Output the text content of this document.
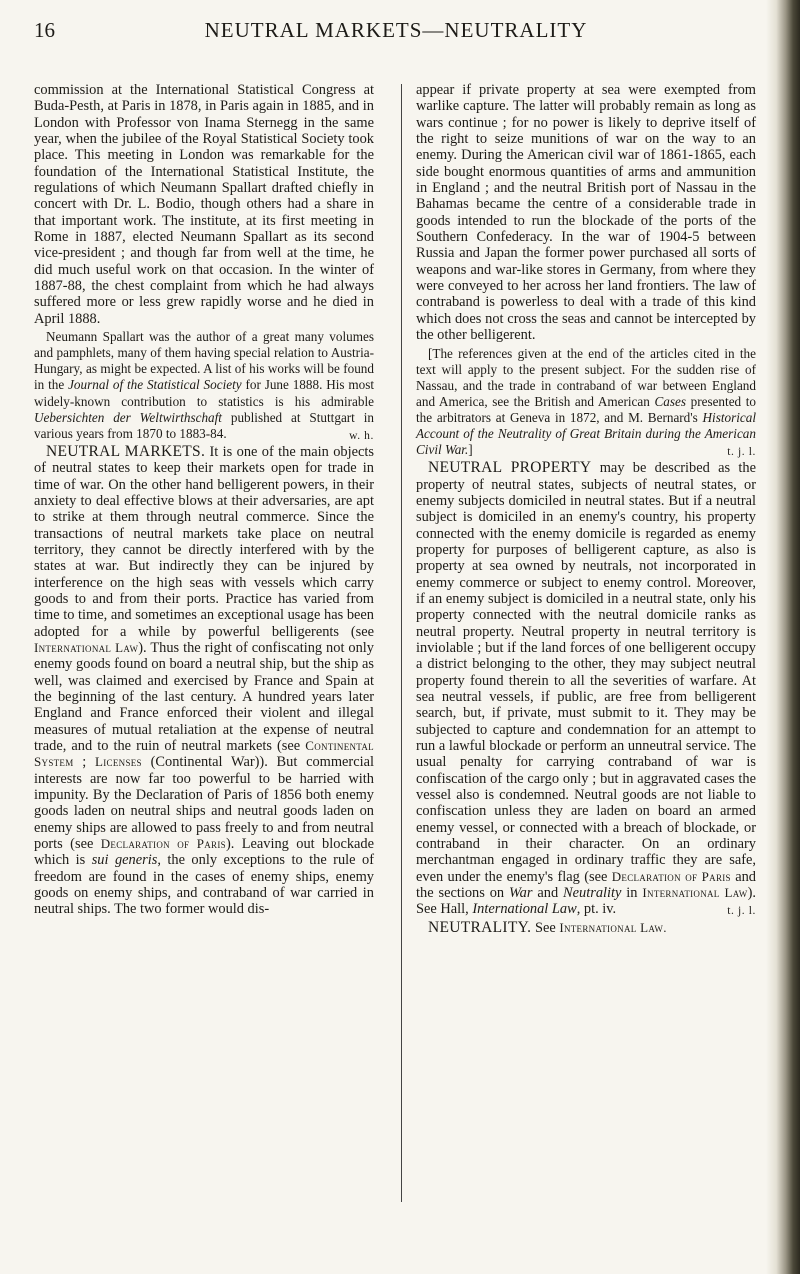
16	NEUTRAL MARKETS—NEUTRALITY

commission at the International Statistical Congress at Buda-Pesth, at Paris in 1878, in Paris again in 1885, and in London with Professor von Inama Sternegg in the same year, when the jubilee of the Royal Statistical Society took place. This meeting in London was remarkable for the foundation of the International Statistical Institute, the regulations of which Neumann Spallart drafted chiefly in concert with Dr. L. Bodio, though others had a share in that important work. The institute, at its first meeting in Rome in 1887, elected Neumann Spallart as its second vice-president ; and though far from well at the time, he did much useful work on that occasion. In the winter of 1887-88, the chest complaint from which he had always suffered more or less grew rapidly worse and he died in April 1888.

Neumann Spallart was the author of a great many volumes and pamphlets, many of them having special relation to Austria-Hungary, as might be expected. A list of his works will be found in the Journal of the Statistical Society for June 1888. His most widely-known contribution to statistics is his admirable Uebersichten der Weltwirthschaft published at Stuttgart in various years from 1870 to 1883-84.	w. h.

NEUTRAL MARKETS. It is one of the main objects of neutral states to keep their markets open for trade in time of war. On the other hand belligerent powers, in their anxiety to deal effective blows at their adversaries, are apt to strike at them through neutral commerce. Since the transactions of neutral markets take place on neutral territory, they cannot be directly interfered with by the states at war. But indirectly they can be injured by interference on the high seas with vessels which carry goods to and from their ports. Practice has varied from time to time, and sometimes an exceptional usage has been adopted for a while by powerful belligerents (see International Law). Thus the right of confiscating not only enemy goods found on board a neutral ship, but the ship as well, was claimed and exercised by France and Spain at the beginning of the last century. A hundred years later England and France enforced their violent and illegal measures of mutual retaliation at the expense of neutral trade, and to the ruin of neutral markets (see Continental System ; Licenses (Continental War)). But commercial interests are now far too powerful to be harried with impunity. By the Declaration of Paris of 1856 both enemy goods laden on neutral ships and neutral goods laden on enemy ships are allowed to pass freely to and from neutral ports (see Declaration of Paris). Leaving out blockade which is sui generis, the only exceptions to the rule of freedom are found in the cases of enemy ships, enemy goods on enemy ships, and contraband of war carried in neutral ships. The two former would dis-

appear if private property at sea were exempted from warlike capture. The latter will probably remain as long as wars continue ; for no power is likely to deprive itself of the right to seize munitions of war on the way to an enemy. During the American civil war of 1861-1865, each side bought enormous quantities of arms and ammunition in England ; and the neutral British port of Nassau in the Bahamas became the centre of a considerable trade in goods intended to run the blockade of the ports of the Southern Confederacy. In the war of 1904-5 between Russia and Japan the former power purchased all sorts of weapons and war-like stores in Germany, from where they were conveyed to her across her land frontiers. The law of contraband is powerless to deal with a trade of this kind which does not cross the seas and cannot be intercepted by the other belligerent.

[The references given at the end of the articles cited in the text will apply to the present subject. For the sudden rise of Nassau, and the trade in contraband of war between England and America, see the British and American Cases presented to the arbitrators at Geneva in 1872, and M. Bernard's Historical Account of the Neutrality of Great Britain during the American Civil War.]	t. j. l.

NEUTRAL PROPERTY may be described as the property of neutral states, subjects of neutral states, or enemy subjects domiciled in neutral states. But if a neutral subject is domiciled in an enemy's country, his property connected with the enemy domicile is regarded as enemy property for purposes of belligerent capture, as also is property at sea owned by neutrals, not incorporated in enemy commerce or subject to enemy control. Moreover, if an enemy subject is domiciled in a neutral state, only his property connected with the neutral domicile ranks as neutral property. Neutral property in neutral territory is inviolable ; but if the land forces of one belligerent occupy a district belonging to the other, they may subject neutral property found therein to all the severities of warfare. At sea neutral vessels, if public, are free from belligerent search, but, if private, must submit to it. They may be subjected to capture and condemnation for an attempt to run a lawful blockade or perform an unneutral service. The usual penalty for carrying contraband of war is confiscation of the cargo only ; but in aggravated cases the vessel also is condemned. Neutral goods are not liable to confiscation unless they are laden on board an armed enemy vessel, or connected with a breach of blockade, or contraband in their character. On an ordinary merchantman engaged in ordinary traffic they are safe, even under the enemy's flag (see Declaration of Paris and the sections on War and Neutrality in International Law). See Hall, International Law, pt. iv.	t. j. l.

NEUTRALITY. See International Law.
